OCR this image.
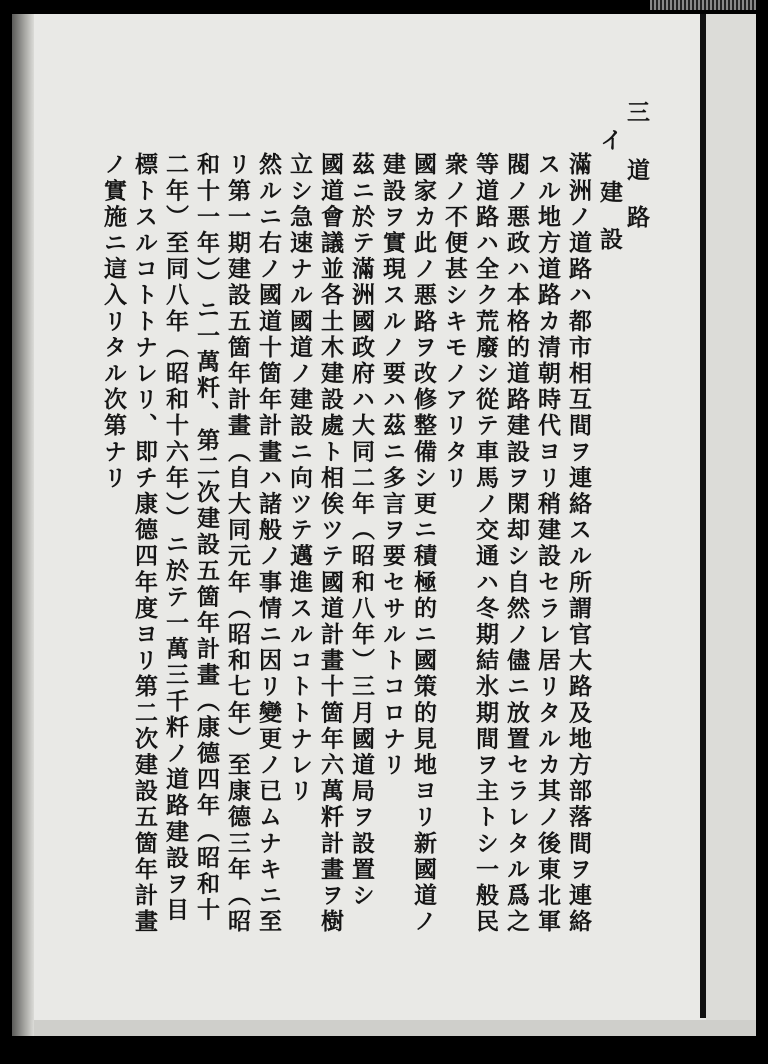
三
道路
イ
建設
滿洲ノ道路ハ都市相互間ヲ連絡スル所謂官大路及地方部落間ヲ連絡
スル地方道路カ清朝時代ヨリ稍建設セラレ居リタルカ其ノ後東北軍
閥ノ悪政ハ本格的道路建設ヲ閑却シ自然ノ儘ニ放置セラレタル爲之
等道路ハ全ク荒廢シ從テ車馬ノ交通ハ冬期結氷期間ヲ主トシ一般民
衆ノ不便甚シキモノアリタリ
國家カ此ノ悪路ヲ改修整備シ更ニ積極的ニ國策的見地ヨリ新國道ノ
建設ヲ實現スルノ要ハ茲ニ多言ヲ要セサルトコロナリ
茲ニ於テ滿洲國政府ハ大同二年（昭和八年）三月國道局ヲ設置シ
國道會議並各土木建設處ト相俟ツテ國道計畫十箇年六萬粁計畫ヲ樹
立シ急速ナル國道ノ建設ニ向ツテ邁進スルコトトナレリ
然ルニ右ノ國道十箇年計畫ハ諸般ノ事情ニ因リ變更ノ已ムナキニ至
リ第一期建設五箇年計畫（自大同元年（昭和七年）至康德三年（昭
和十一年））ニ一萬粁、第二次建設五箇年計畫（康德四年（昭和十
二年）至同八年（昭和十六年））ニ於テ一萬三千粁ノ道路建設ヲ目
標トスルコトトナレリ、即チ康德四年度ヨリ第二次建設五箇年計畫
ノ實施ニ這入リタル次第ナリ
